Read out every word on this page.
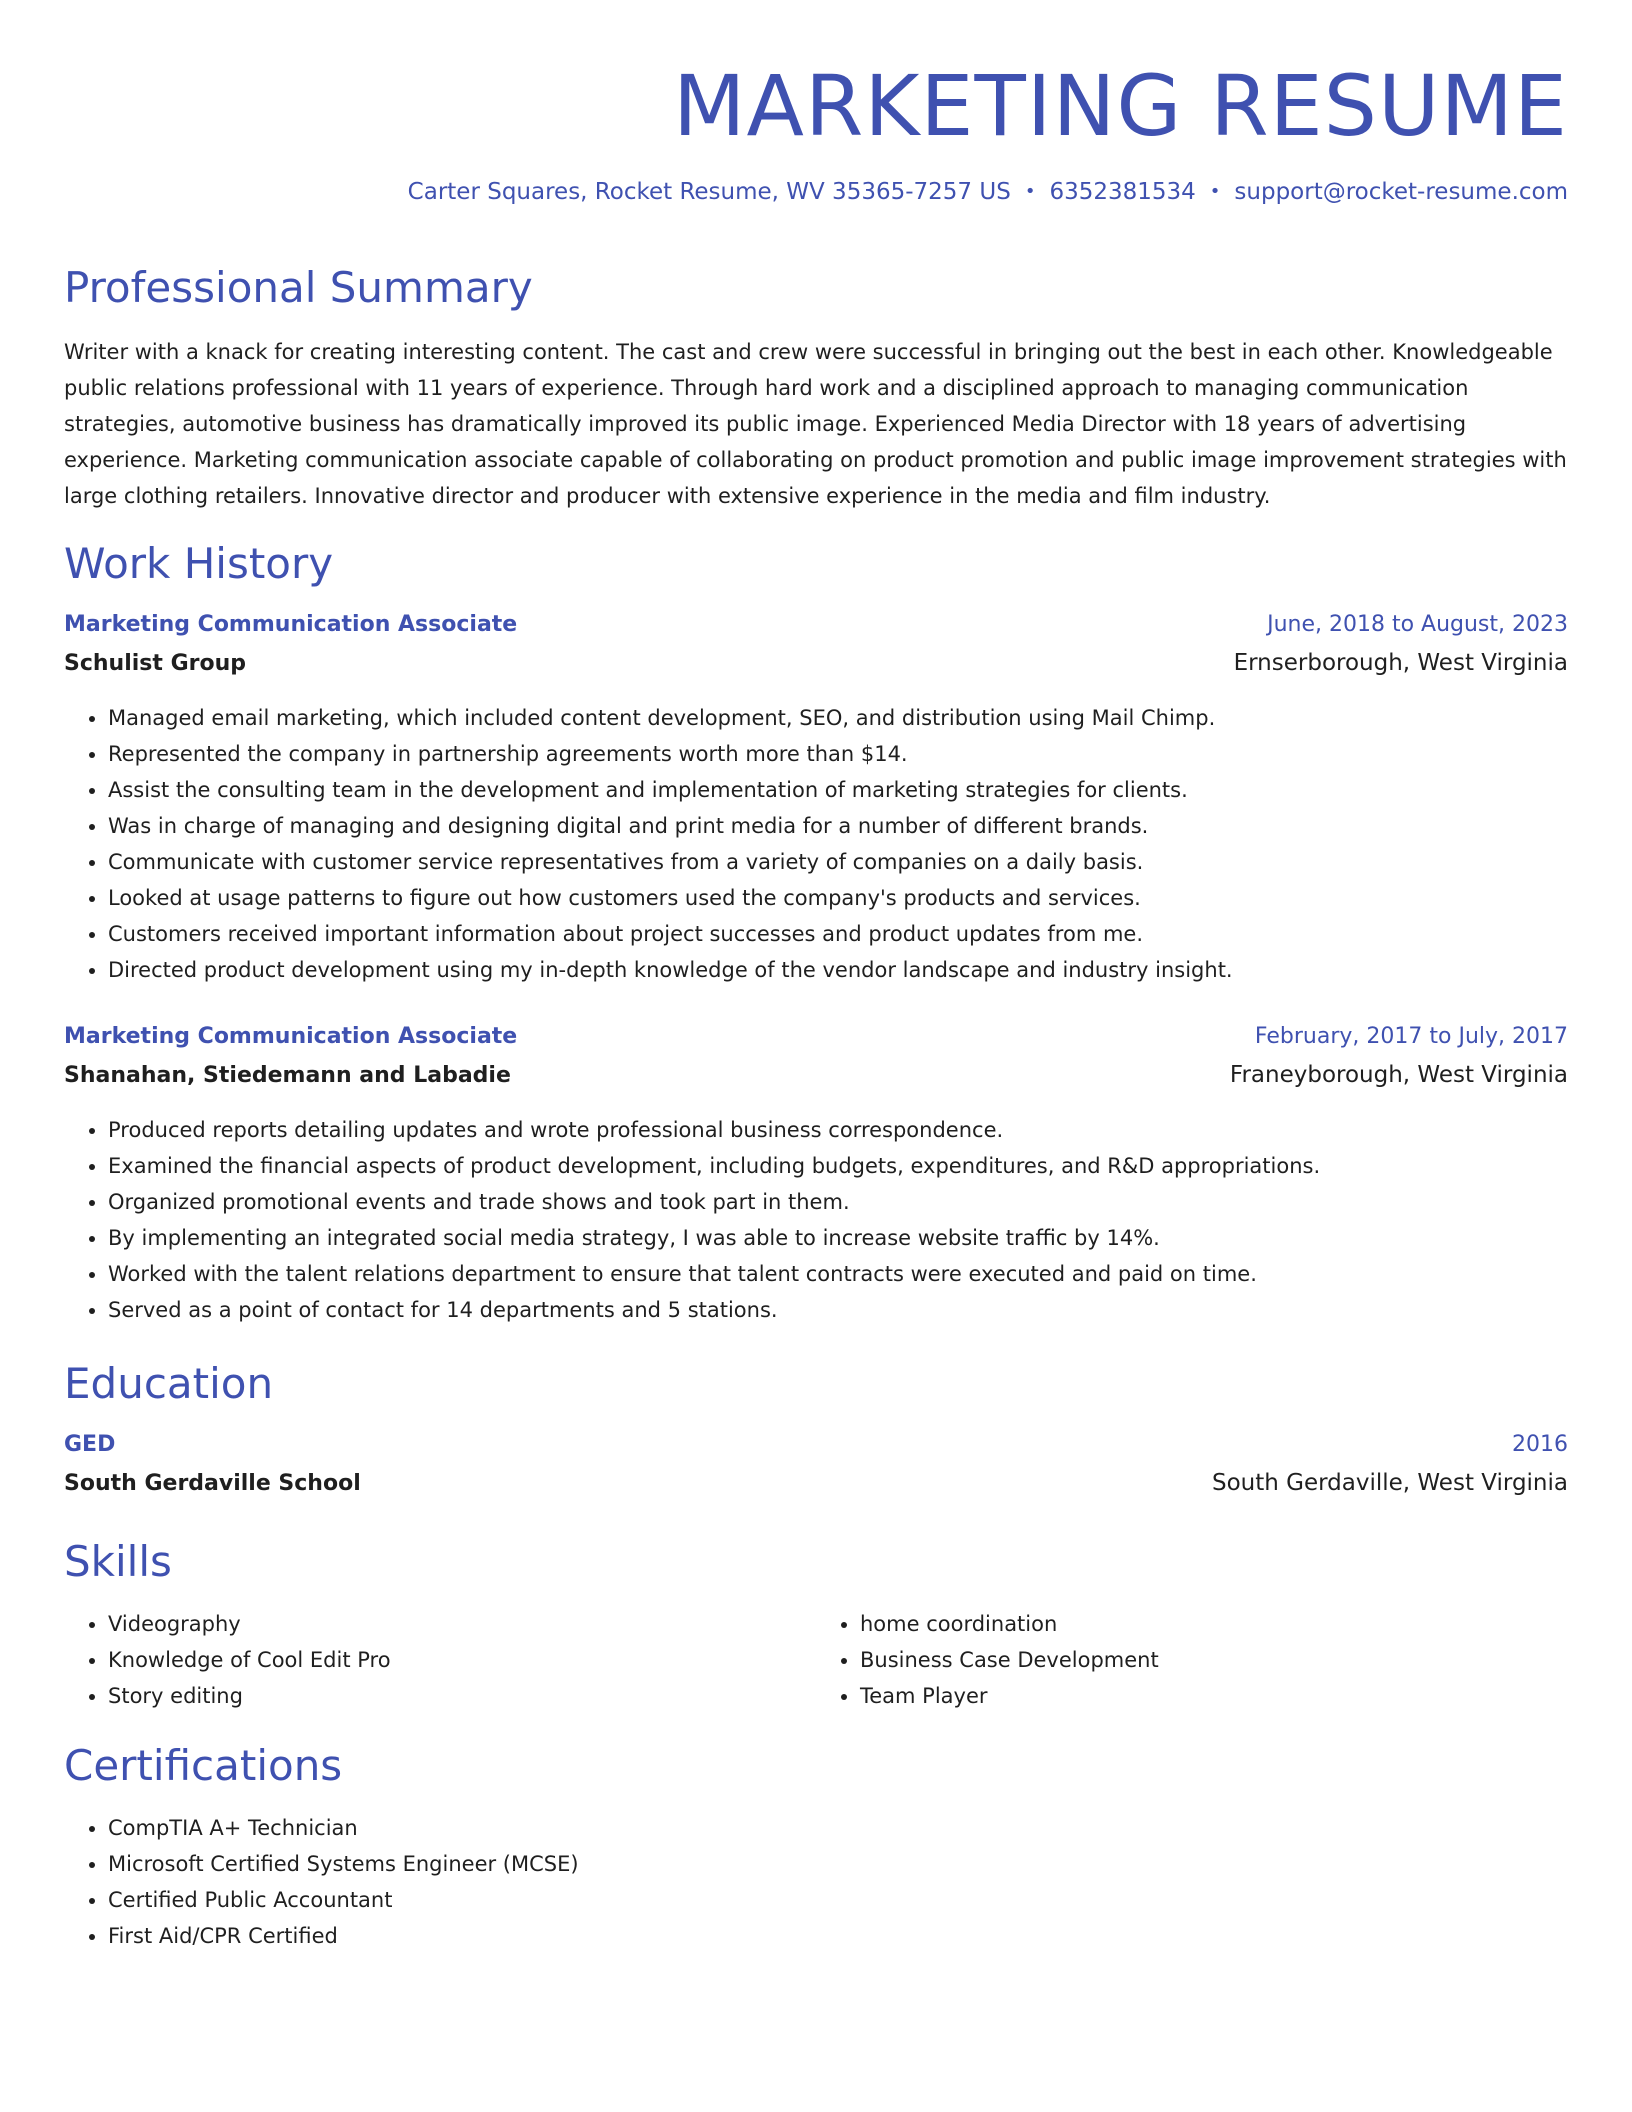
MARKETING RESUME
Carter Squares, Rocket Resume, WV 35365-7257 US • 6352381534 • support@rocket-resume.com
Professional Summary

Writer with a knack for creating interesting content. The cast and crew were successful in bringing out the best in each other. Knowledgeable public relations professional with 11 years of experience. Through hard work and a disciplined approach to managing communication strategies, automotive business has dramatically improved its public image. Experienced Media Director with 18 years of advertising experience. Marketing communication associate capable of collaborating on product promotion and public image improvement strategies with large clothing retailers. Innovative director and producer with extensive experience in the media and film industry.

Work History
Marketing Communication Associate	June, 2018 to August, 2023
Schulist Group	Ernserborough, West Virginia
• Managed email marketing, which included content development, SEO, and distribution using Mail Chimp.
• Represented the company in partnership agreements worth more than $14.
• Assist the consulting team in the development and implementation of marketing strategies for clients.
• Was in charge of managing and designing digital and print media for a number of different brands.
• Communicate with customer service representatives from a variety of companies on a daily basis.
• Looked at usage patterns to figure out how customers used the company's products and services.
• Customers received important information about project successes and product updates from me.
• Directed product development using my in-depth knowledge of the vendor landscape and industry insight.
Marketing Communication Associate	February, 2017 to July, 2017
Shanahan, Stiedemann and Labadie	Franeyborough, West Virginia
• Produced reports detailing updates and wrote professional business correspondence.
• Examined the financial aspects of product development, including budgets, expenditures, and R&D appropriations.
• Organized promotional events and trade shows and took part in them.
• By implementing an integrated social media strategy, I was able to increase website traffic by 14%.
• Worked with the talent relations department to ensure that talent contracts were executed and paid on time.
• Served as a point of contact for 14 departments and 5 stations.
Education
GED	2016
South Gerdaville School	South Gerdaville, West Virginia
Skills
• Videography
• Knowledge of Cool Edit Pro
• Story editing
• home coordination
• Business Case Development
• Team Player
Certifications
• CompTIA A+ Technician
• Microsoft Certified Systems Engineer (MCSE)
• Certified Public Accountant
• First Aid/CPR Certified
